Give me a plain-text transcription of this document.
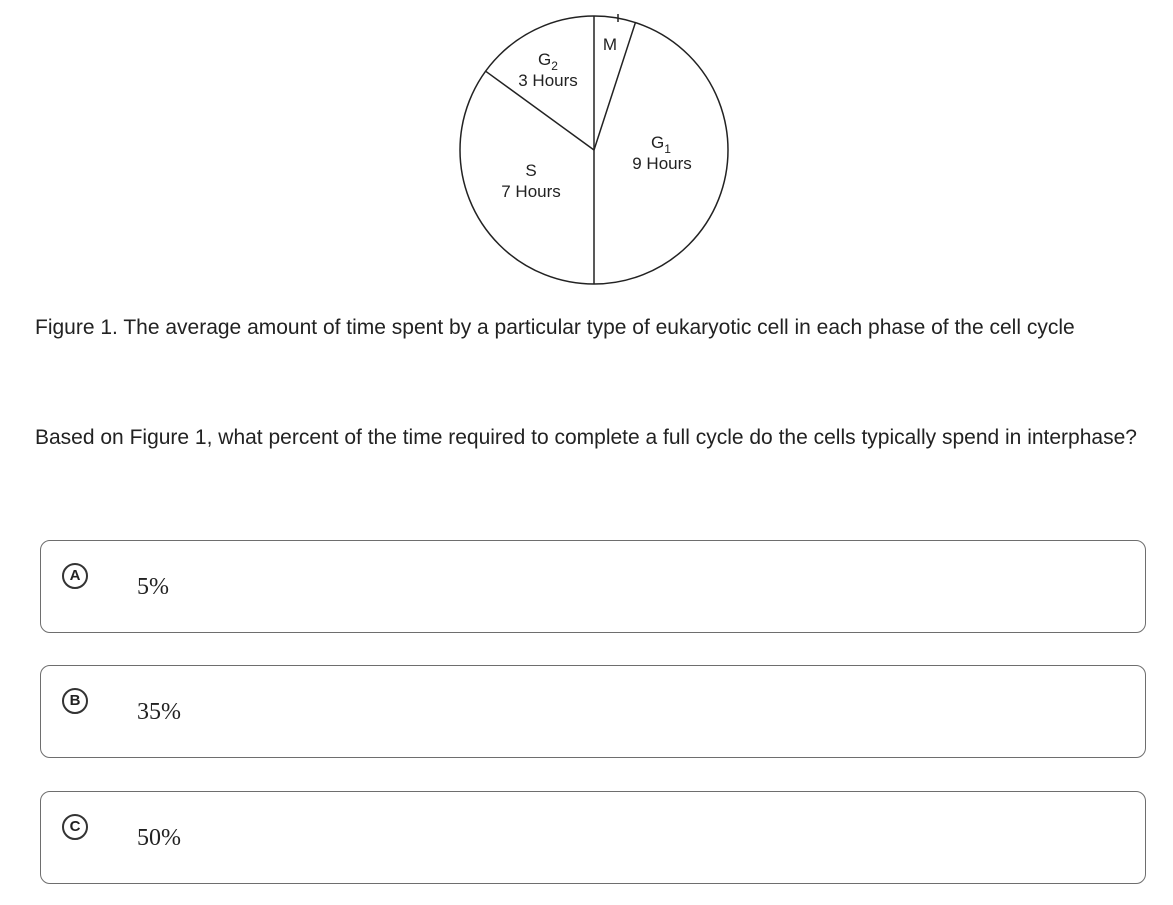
M
$G_1$
9 Hours
S
7 Hours
$G_2$
3 Hours
Figure 1. The average amount of time spent by a particular type of eukaryotic cell in each phase of the cell cycle
Based on Figure 1, what percent of the time required to complete a full cycle do the cells typically spend in interphase?
A	5%
B	35%
C	50%
